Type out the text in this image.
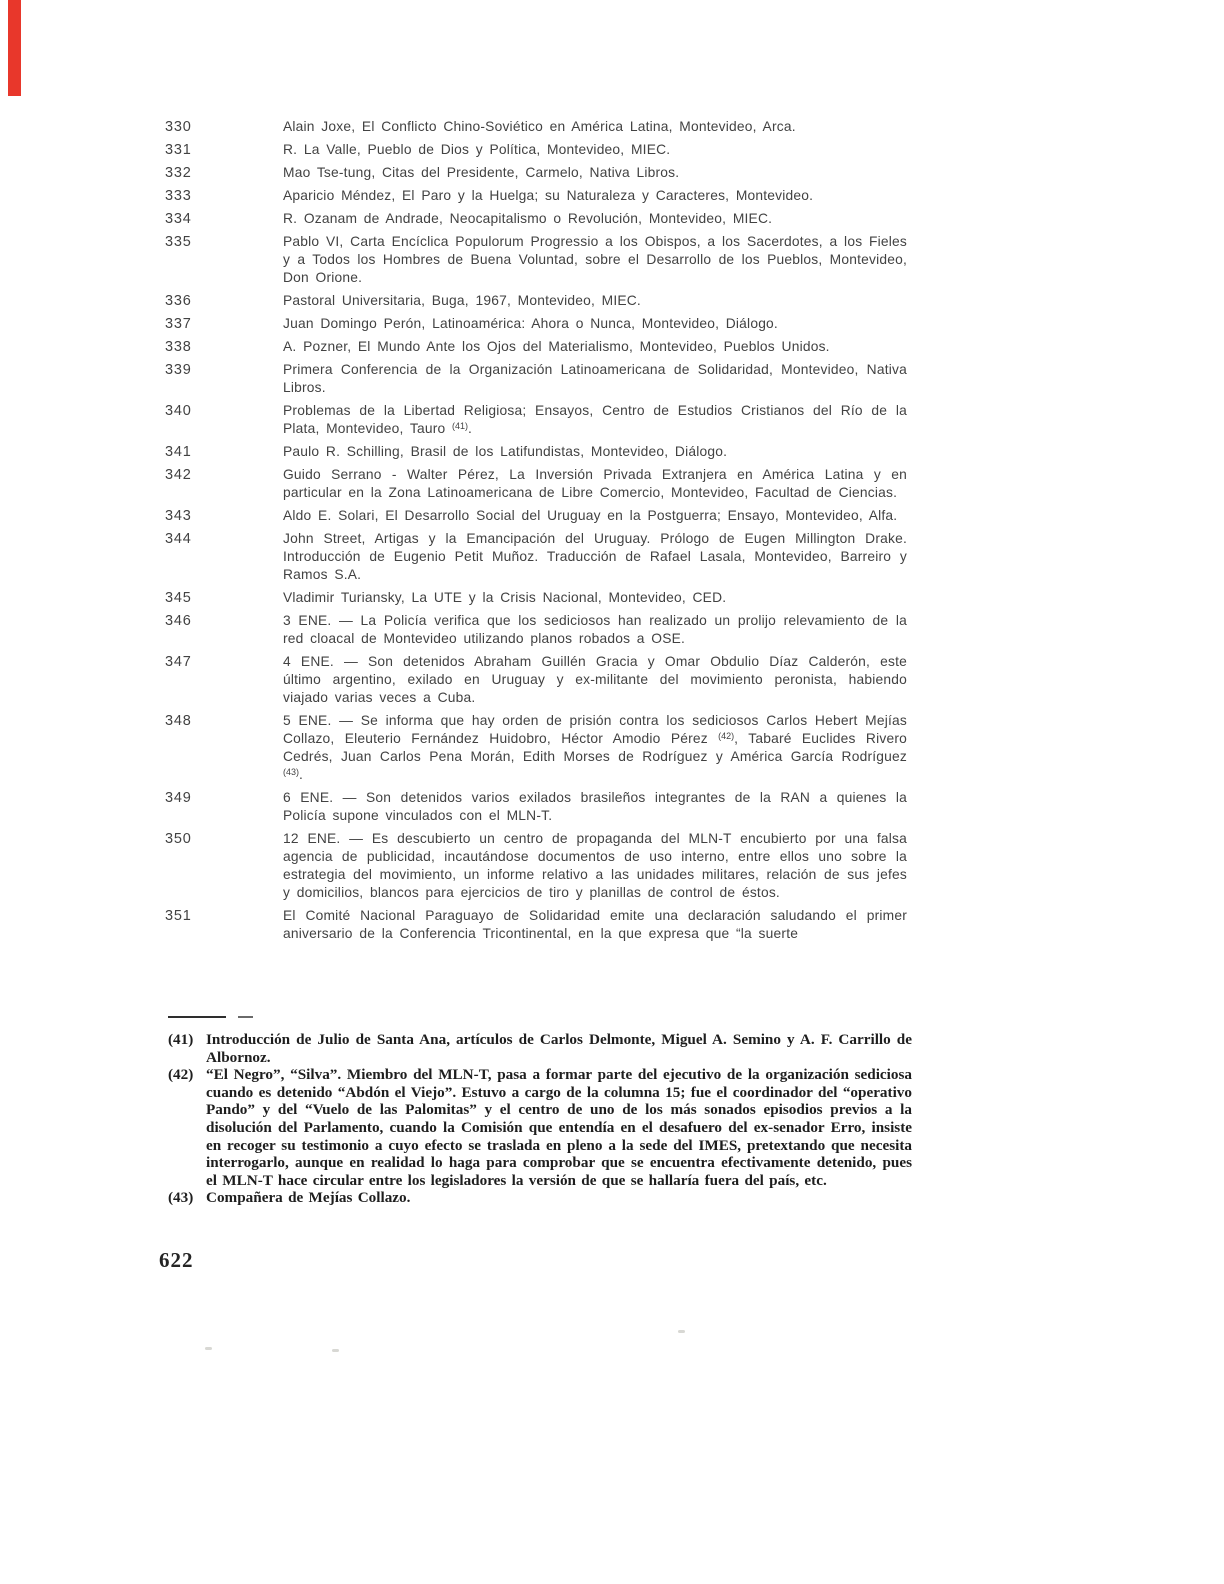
330	Alain Joxe, El Conflicto Chino-Soviético en América Latina, Montevideo, Arca.
331	R. La Valle, Pueblo de Dios y Política, Montevideo, MIEC.
332	Mao Tse-tung, Citas del Presidente, Carmelo, Nativa Libros.
333	Aparicio Méndez, El Paro y la Huelga; su Naturaleza y Caracteres, Montevideo.
334	R. Ozanam de Andrade, Neocapitalismo o Revolución, Montevideo, MIEC.
335	Pablo VI, Carta Encíclica Populorum Progressio a los Obispos, a los Sacerdotes, a los Fieles y a Todos los Hombres de Buena Voluntad, sobre el Desarrollo de los Pueblos, Montevideo, Don Orione.
336	Pastoral Universitaria, Buga, 1967, Montevideo, MIEC.
337	Juan Domingo Perón, Latinoamérica: Ahora o Nunca, Montevideo, Diálogo.
338	A. Pozner, El Mundo Ante los Ojos del Materialismo, Montevideo, Pueblos Unidos.
339	Primera Conferencia de la Organización Latinoamericana de Solidaridad, Montevideo, Nativa Libros.
340	Problemas de la Libertad Religiosa; Ensayos, Centro de Estudios Cristianos del Río de la Plata, Montevideo, Tauro $^{(41)}$.
341	Paulo R. Schilling, Brasil de los Latifundistas, Montevideo, Diálogo.
342	Guido Serrano - Walter Pérez, La Inversión Privada Extranjera en América Latina y en particular en la Zona Latinoamericana de Libre Comercio, Montevideo, Facultad de Ciencias.
343	Aldo E. Solari, El Desarrollo Social del Uruguay en la Postguerra; Ensayo, Montevideo, Alfa.
344	John Street, Artigas y la Emancipación del Uruguay. Prólogo de Eugen Millington Drake. Introducción de Eugenio Petit Muñoz. Traducción de Rafael Lasala, Montevideo, Barreiro y Ramos S.A.
345	Vladimir Turiansky, La UTE y la Crisis Nacional, Montevideo, CED.
346	3 ENE. — La Policía verifica que los sediciosos han realizado un prolijo relevamiento de la red cloacal de Montevideo utilizando planos robados a OSE.
347	4 ENE. — Son detenidos Abraham Guillén Gracia y Omar Obdulio Díaz Calderón, este último argentino, exilado en Uruguay y ex-militante del movimiento peronista, habiendo viajado varias veces a Cuba.
348	5 ENE. — Se informa que hay orden de prisión contra los sediciosos Carlos Hebert Mejías Collazo, Eleuterio Fernández Huidobro, Héctor Amodio Pérez $^{(42)}$, Tabaré Euclides Rivero Cedrés, Juan Carlos Pena Morán, Edith Morses de Rodríguez y América García Rodríguez $^{(43)}$.
349	6 ENE. — Son detenidos varios exilados brasileños integrantes de la RAN a quienes la Policía supone vinculados con el MLN-T.
350	12 ENE. — Es descubierto un centro de propaganda del MLN-T encubierto por una falsa agencia de publicidad, incautándose documentos de uso interno, entre ellos uno sobre la estrategia del movimiento, un informe relativo a las unidades militares, relación de sus jefes y domicilios, blancos para ejercicios de tiro y planillas de control de éstos.
351	El Comité Nacional Paraguayo de Solidaridad emite una declaración saludando el primer aniversario de la Conferencia Tricontinental, en la que expresa que “la suerte
(41) Introducción de Julio de Santa Ana, artículos de Carlos Delmonte, Miguel A. Semino y A. F. Carrillo de Albornoz.
(42) “El Negro”, “Silva”. Miembro del MLN-T, pasa a formar parte del ejecutivo de la organización sediciosa cuando es detenido “Abdón el Viejo”. Estuvo a cargo de la columna 15; fue el coordinador del “operativo Pando” y del “Vuelo de las Palomitas” y el centro de uno de los más sonados episodios previos a la disolución del Parlamento, cuando la Comisión que entendía en el desafuero del ex-senador Erro, insiste en recoger su testimonio a cuyo efecto se traslada en pleno a la sede del IMES, pretextando que necesita interrogarlo, aunque en realidad lo haga para comprobar que se encuentra efectivamente detenido, pues el MLN-T hace circular entre los legisladores la versión de que se hallaría fuera del país, etc.
(43) Compañera de Mejías Collazo.
622
